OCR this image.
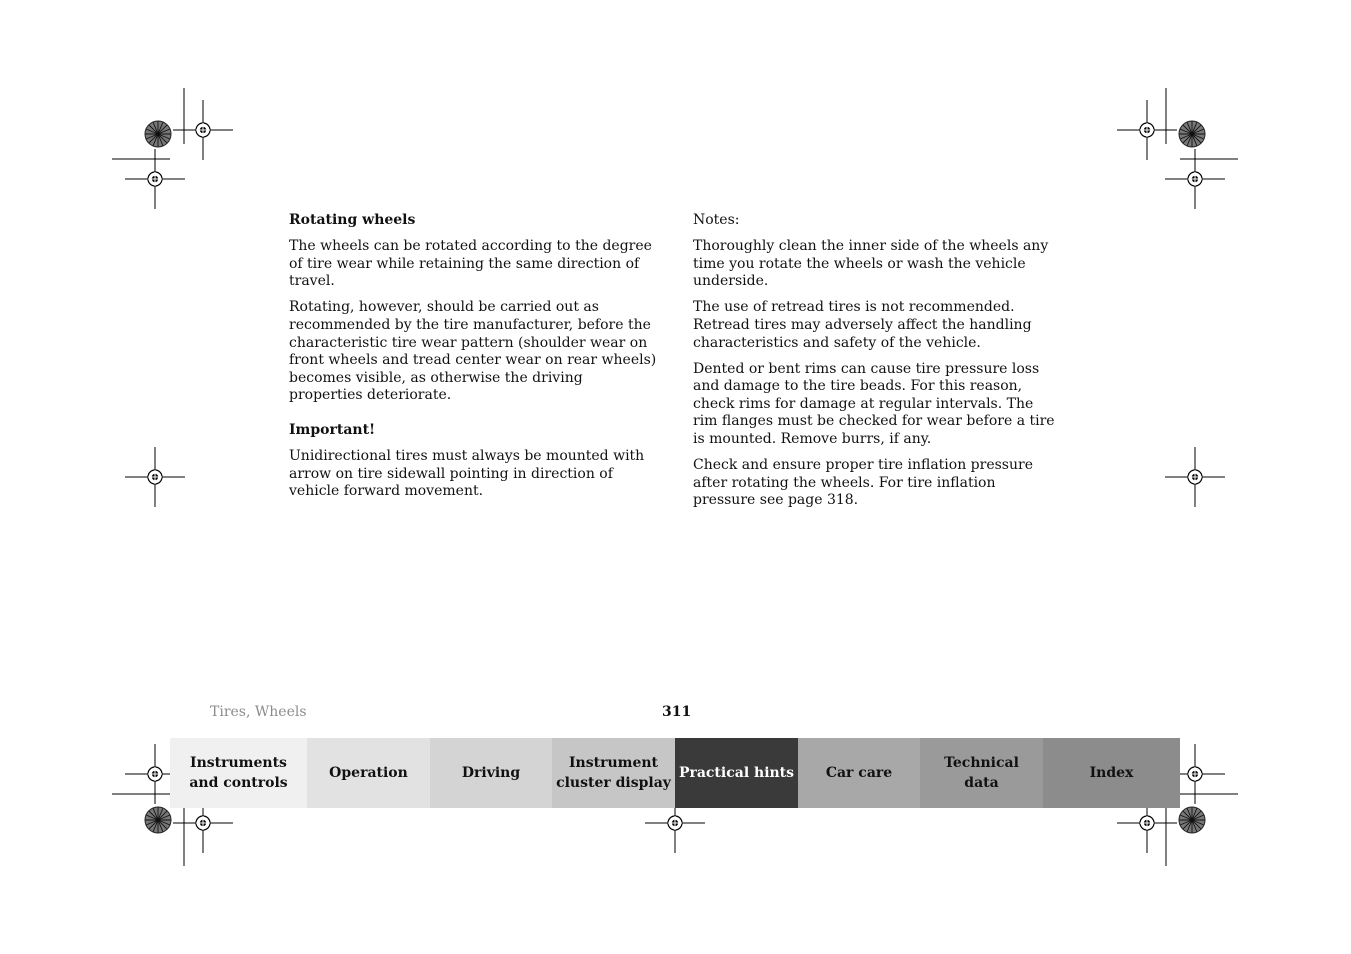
Rotating wheels

The wheels can be rotated according to the degree of tire wear while retaining the same direction of travel.

Rotating, however, should be carried out as recommended by the tire manufacturer, before the characteristic tire wear pattern (shoulder wear on front wheels and tread center wear on rear wheels) becomes visible, as otherwise the driving properties deteriorate.

Important!

Unidirectional tires must always be mounted with arrow on tire sidewall pointing in direction of vehicle forward movement.

Notes:

Thoroughly clean the inner side of the wheels any time you rotate the wheels or wash the vehicle underside.

The use of retread tires is not recommended. Retread tires may adversely affect the handling characteristics and safety of the vehicle.

Dented or bent rims can cause tire pressure loss and damage to the tire beads. For this reason, check rims for damage at regular intervals. The rim flanges must be checked for wear before a tire is mounted. Remove burrs, if any.

Check and ensure proper tire inflation pressure after rotating the wheels. For tire inflation pressure see page 318.

Tires, Wheels	311
Instruments
and controls
Operation	Driving
Instrument
cluster display
Practical hints	Car care
Technical
data
Index
